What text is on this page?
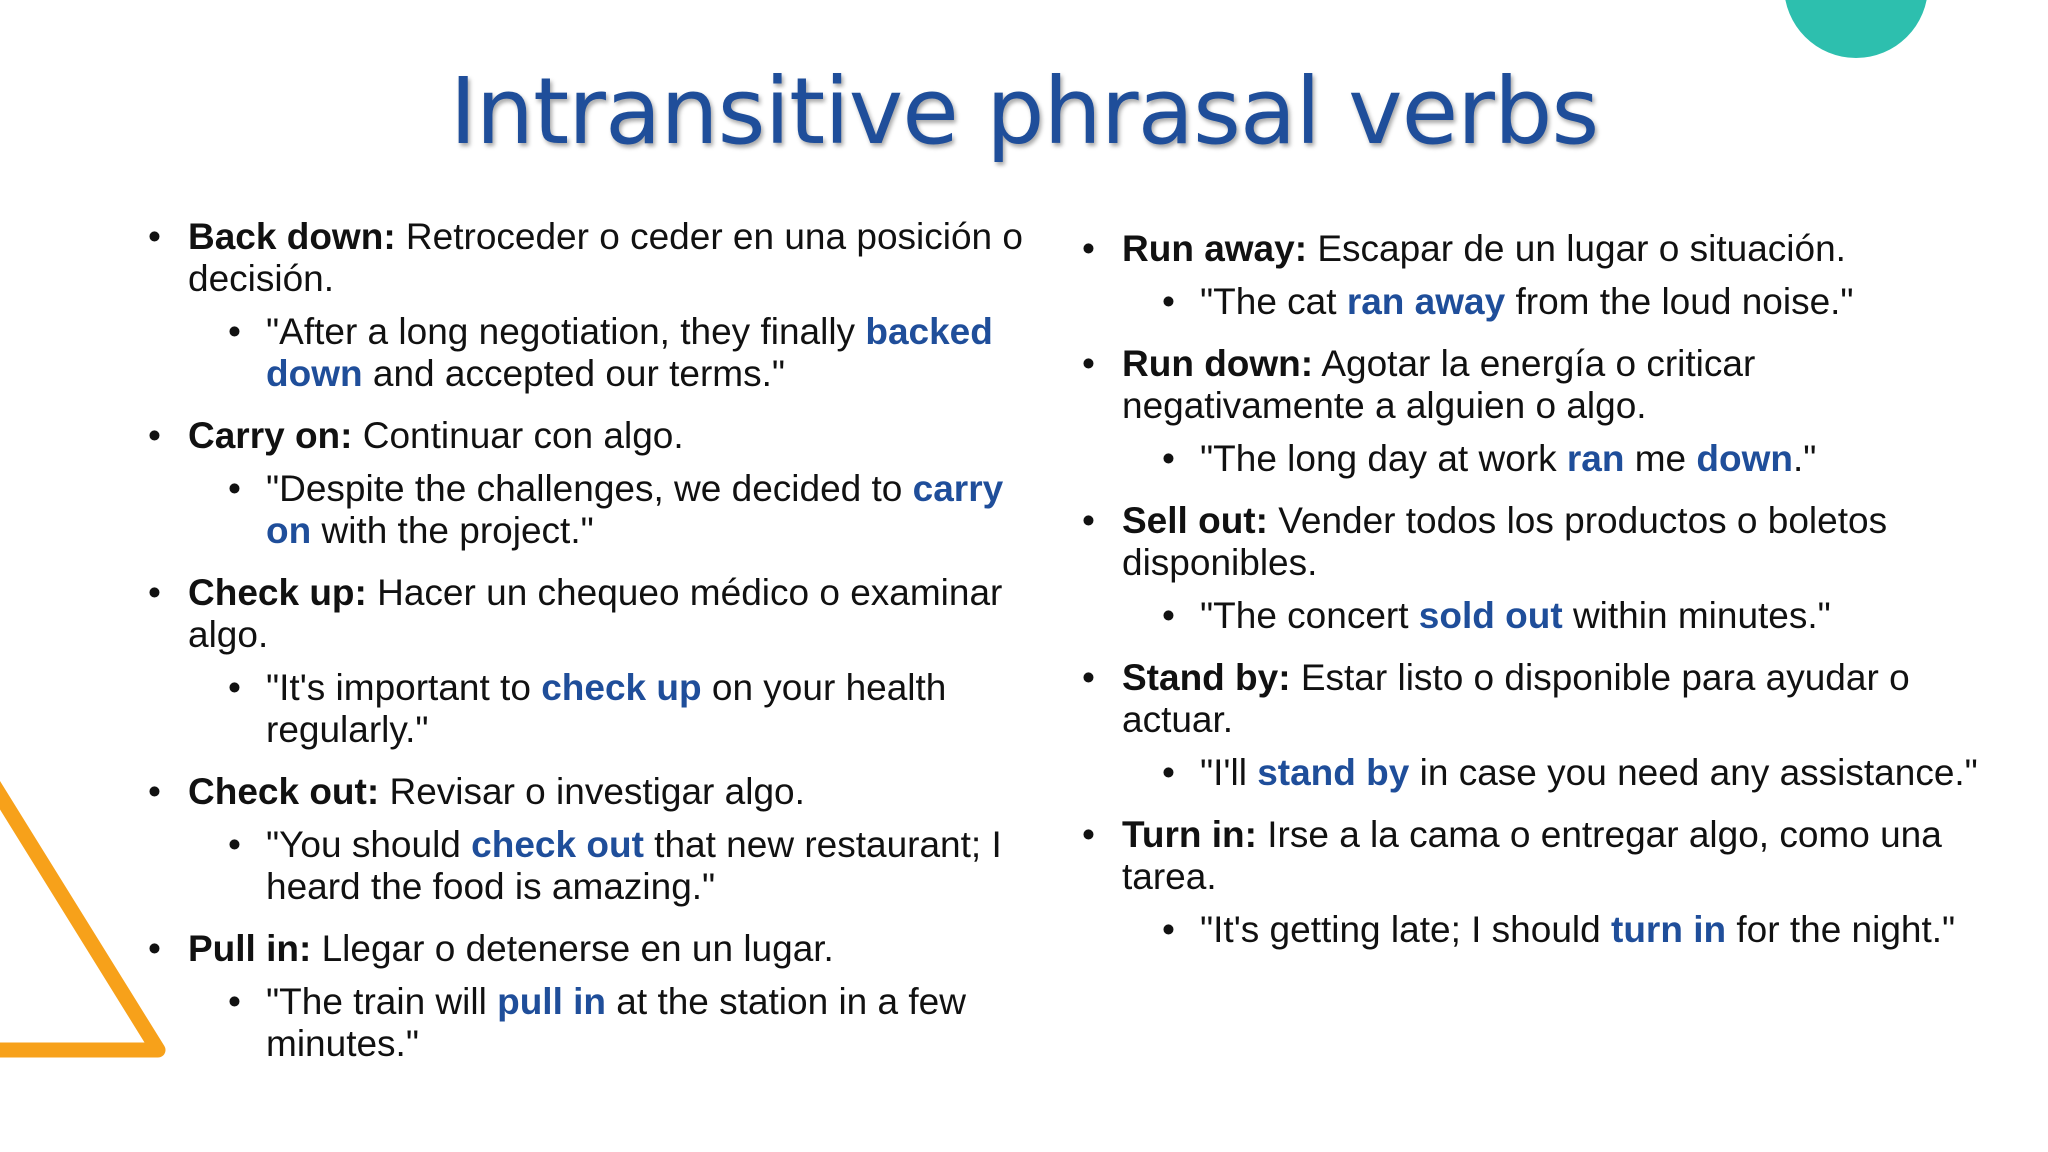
Intransitive phrasal verbs
• Back down: Retroceder o ceder en una posición o decisión.
• "After a long negotiation, they finally backed down and accepted our terms."
• Carry on: Continuar con algo.
• "Despite the challenges, we decided to carry on with the project."
• Check up: Hacer un chequeo médico o examinar algo.
• "It's important to check up on your health regularly."
• Check out: Revisar o investigar algo.
• "You should check out that new restaurant; I heard the food is amazing."
• Pull in: Llegar o detenerse en un lugar.
• "The train will pull in at the station in a few minutes."
• Run away: Escapar de un lugar o situación.
• "The cat ran away from the loud noise."
• Run down: Agotar la energía o criticar negativamente a alguien o algo.
• "The long day at work ran me down."
• Sell out: Vender todos los productos o boletos disponibles.
• "The concert sold out within minutes."
• Stand by: Estar listo o disponible para ayudar o actuar.
• "I'll stand by in case you need any assistance."
• Turn in: Irse a la cama o entregar algo, como una tarea.
• "It's getting late; I should turn in for the night."
